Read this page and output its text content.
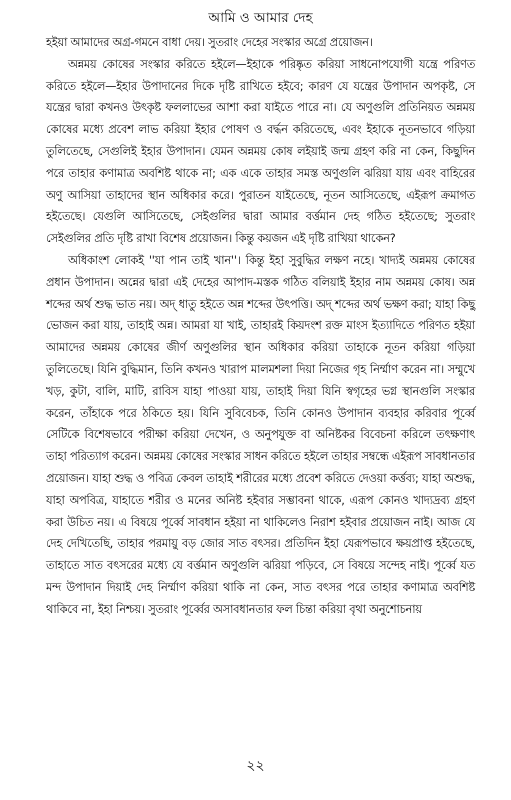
আমি ও আমার দেহ

হইয়া আমাদের অগ্র-গমনে বাধা দেয়। সুতরাং দেহের সংস্কার অগ্রে প্রয়োজন।

অন্নময় কোষের সংস্কার করিতে হইলে—ইহাকে পরিষ্কৃত করিয়া সাধনোপযোগী যন্ত্রে পরিণত করিতে হইলে—ইহার উপাদানের দিকে দৃষ্টি রাখিতে হইবে; কারণ যে যন্ত্রের উপাদান অপকৃষ্ট, সে যন্ত্রের দ্বারা কখনও উৎকৃষ্ট ফললাভের আশা করা যাইতে পারে না। যে অণুগুলি প্রতিনিয়ত অন্নময় কোষের মধ্যে প্রবেশ লাভ করিয়া ইহার পোষণ ও বর্দ্ধন করিতেছে, এবং ইহাকে নূতনভাবে গড়িয়া তুলিতেছে, সেগুলিই ইহার উপাদান। যেমন অন্নময় কোষ লইয়াই জন্ম গ্রহণ করি না কেন, কিছুদিন পরে তাহার কণামাত্র অবশিষ্ট থাকে না; এক একে তাহার সমস্ত অণুগুলি ঝরিয়া যায় এবং বাহিরের অণু আসিয়া তাহাদের স্থান অধিকার করে। পুরাতন যাইতেছে, নূতন আসিতেছে, এইরূপ ক্রমাগত হইতেছে। যেগুলি আসিতেছে, সেইগুলির দ্বারা আমার বর্ত্তমান দেহ গঠিত হইতেছে; সুতরাং সেইগুলির প্রতি দৃষ্টি রাখা বিশেষ প্রয়োজন। কিন্তু কয়জন এই দৃষ্টি রাখিয়া থাকেন?

অধিকাংশ লোকই ''যা পান তাই খান''। কিন্তু ইহা সুবুদ্ধির লক্ষণ নহে। খাদ্যই অন্নময় কোষের প্রধান উপাদান। অন্নের দ্বারা এই দেহের আপাদ-মস্তক গঠিত বলিয়াই ইহার নাম অন্নময় কোষ। অন্ন শব্দের অর্থ শুদ্ধ ভাত নয়। অদ্ ধাতু হইতে অন্ন শব্দের উৎপত্তি। অদ্ শব্দের অর্থ ভক্ষণ করা; যাহা কিছু ভোজন করা যায়, তাহাই অন্ন। আমরা যা খাই, তাহারই কিয়দংশ রক্ত মাংস ইত্যাদিতে পরিণত হইয়া আমাদের অন্নময় কোষের জীর্ণ অণুগুলির স্থান অধিকার করিয়া তাহাকে নূতন করিয়া গড়িয়া তুলিতেছে। যিনি বুদ্ধিমান, তিনি কখনও খারাপ মালমশলা দিয়া নিজের গৃহ নির্ম্মাণ করেন না। সম্মুখে খড়, কুটা, বালি, মাটি, রাবিস যাহা পাওয়া যায়, তাহাই দিয়া যিনি স্বগৃহের ভগ্ন স্থানগুলি সংস্কার করেন, তাঁহাকে পরে ঠকিতে হয়। যিনি সুবিবেচক, তিনি কোনও উপাদান ব্যবহার করিবার পূর্ব্বে সেটিকে বিশেষভাবে পরীক্ষা করিয়া দেখেন, ও অনুপযুক্ত বা অনিষ্টকর বিবেচনা করিলে তৎক্ষণাৎ তাহা পরিত্যাগ করেন। অন্নময় কোষের সংস্কার সাধন করিতে হইলে তাহার সম্বন্ধে এইরূপ সাবধানতার প্রয়োজন। যাহা শুদ্ধ ও পবিত্র কেবল তাহাই শরীরের মধ্যে প্রবেশ করিতে দেওয়া কর্ত্তব্য; যাহা অশুদ্ধ, যাহা অপবিত্র, যাহাতে শরীর ও মনের অনিষ্ট হইবার সম্ভাবনা থাকে, এরূপ কোনও খাদ্যদ্রব্য গ্রহণ করা উচিত নয়। এ বিষয়ে পূর্ব্বে সাবধান হইয়া না থাকিলেও নিরাশ হইবার প্রয়োজন নাই। আজ যে দেহ দেখিতেছি, তাহার পরমায়ু বড় জোর সাত বৎসর। প্রতিদিন ইহা যেরূপভাবে ক্ষয়প্রাপ্ত হইতেছে, তাহাতে সাত বৎসরের মধ্যে যে বর্ত্তমান অণুগুলি ঝরিয়া পড়িবে, সে বিষয়ে সন্দেহ নাই। পূর্ব্বে যত মন্দ উপাদান দিয়াই দেহ নির্ম্মাণ করিয়া থাকি না কেন, সাত বৎসর পরে তাহার কণামাত্র অবশিষ্ট থাকিবে না, ইহা নিশ্চয়। সুতরাং পূর্ব্বের অসাবধানতার ফল চিন্তা করিয়া বৃথা অনুশোচনায়

২২
